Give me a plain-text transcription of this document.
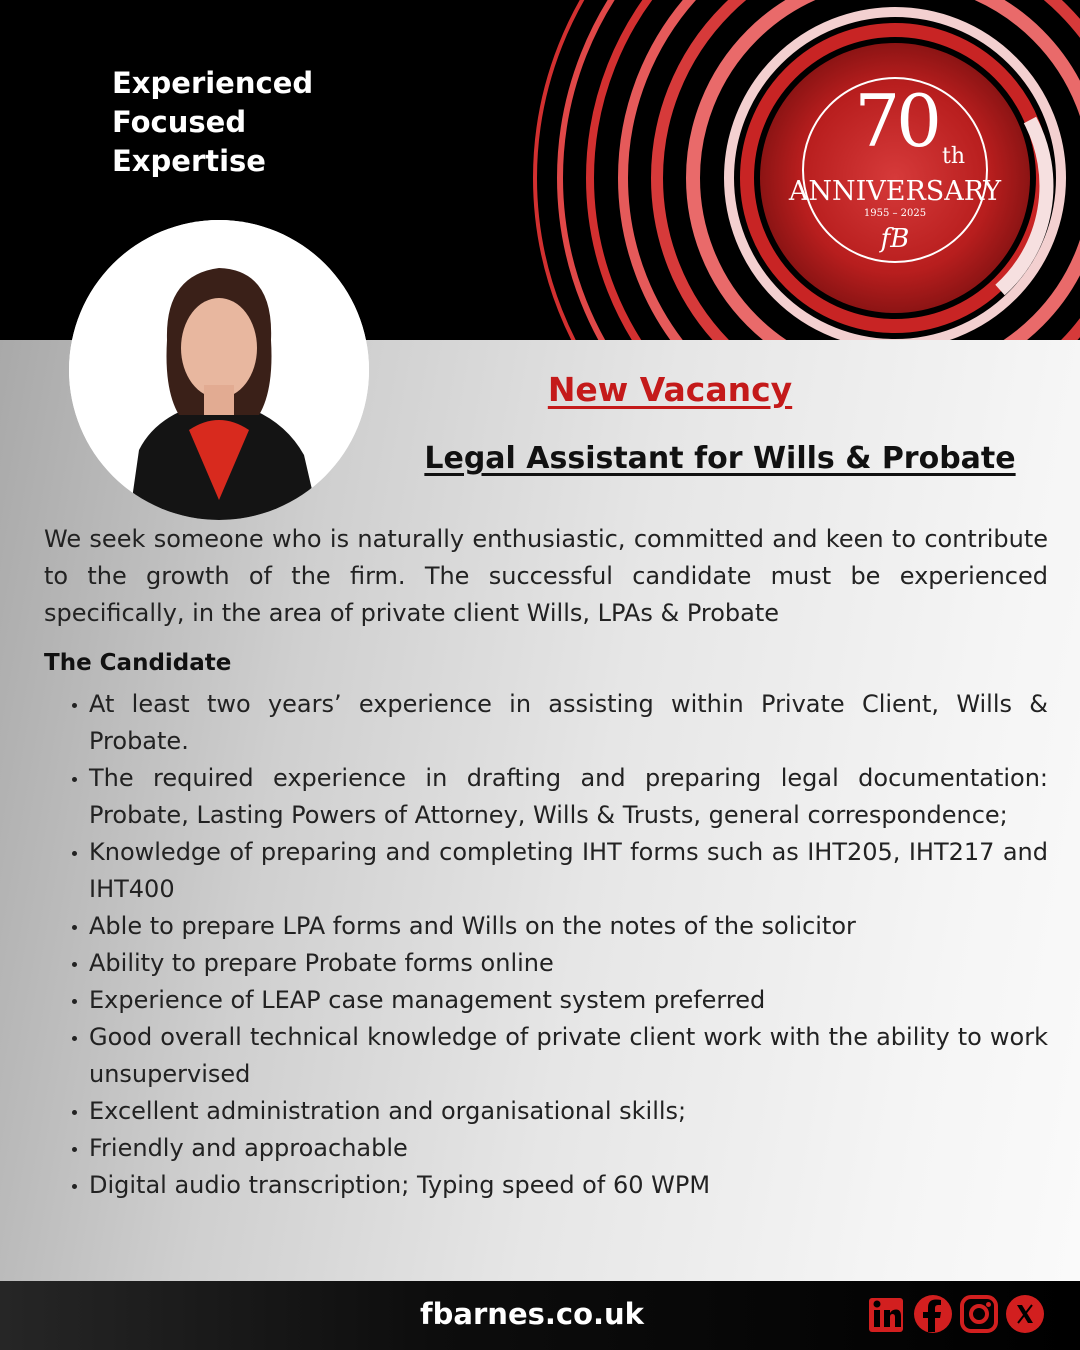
Experienced
Focused
Expertise	70 th
ANNIVERSARY
1955 – 2025
fB
New Vacancy
Legal Assistant for Wills & Probate
We seek someone who is naturally enthusiastic, committed and keen to contribute to the growth of the firm. The successful candidate must be experienced specifically, in the area of private client Wills, LPAs & Probate
The Candidate
At least two years’ experience in assisting within Private Client, Wills & Probate.
The required experience in drafting and preparing legal documentation: Probate, Lasting Powers of Attorney, Wills & Trusts, general correspondence;
Knowledge of preparing and completing IHT forms such as IHT205, IHT217 and IHT400
Able to prepare LPA forms and Wills on the notes of the solicitor
Ability to prepare Probate forms online
Experience of LEAP case management system preferred
Good overall technical knowledge of private client work with the ability to work unsupervised
Excellent administration and organisational skills;
Friendly and approachable
Digital audio transcription; Typing speed of 60 WPM
fbarnes.co.uk
